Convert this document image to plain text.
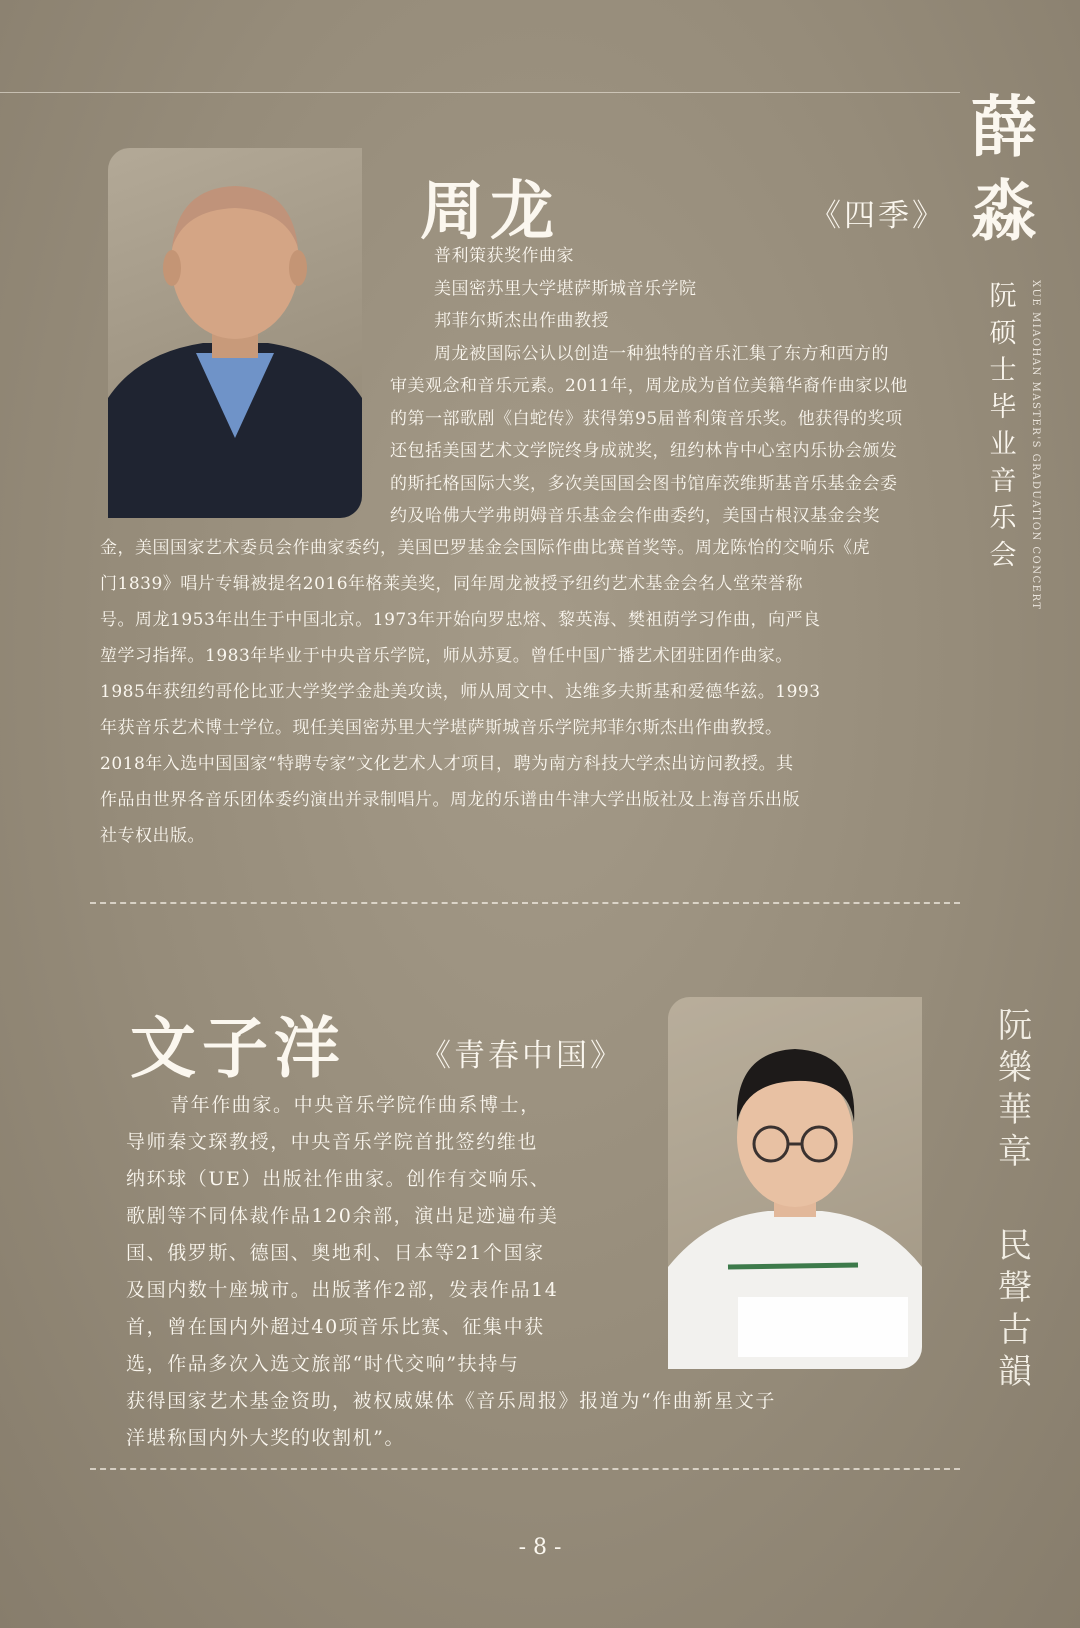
薛淼
阮硕士毕业音乐会	XUE MIAOHAN MASTER'S GRADUATION CONCERT
阮樂華章
民聲古韻
周龙	《四季》
普利策获奖作曲家
美国密苏里大学堪萨斯城音乐学院
邦菲尔斯杰出作曲教授
周龙被国际公认以创造一种独特的音乐汇集了东方和西方的
审美观念和音乐元素。2011年，周龙成为首位美籍华裔作曲家以他
的第一部歌剧《白蛇传》获得第95届普利策音乐奖。他获得的奖项
还包括美国艺术文学院终身成就奖，纽约林肯中心室内乐协会颁发
的斯托格国际大奖，多次美国国会图书馆库茨维斯基音乐基金会委
约及哈佛大学弗朗姆音乐基金会作曲委约，美国古根汉基金会奖
金，美国国家艺术委员会作曲家委约，美国巴罗基金会国际作曲比赛首奖等。周龙陈怡的交响乐《虎
门1839》唱片专辑被提名2016年格莱美奖，同年周龙被授予纽约艺术基金会名人堂荣誉称
号。周龙1953年出生于中国北京。1973年开始向罗忠熔、黎英海、樊祖荫学习作曲，向严良
堃学习指挥。1983年毕业于中央音乐学院，师从苏夏。曾任中国广播艺术团驻团作曲家。
1985年获纽约哥伦比亚大学奖学金赴美攻读，师从周文中、达维多夫斯基和爱德华兹。1993
年获音乐艺术博士学位。现任美国密苏里大学堪萨斯城音乐学院邦菲尔斯杰出作曲教授。
2018年入选中国国家“特聘专家”文化艺术人才项目，聘为南方科技大学杰出访问教授。其
作品由世界各音乐团体委约演出并录制唱片。周龙的乐谱由牛津大学出版社及上海音乐出版
社专权出版。
文子洋 《青春中国》
青年作曲家。中央音乐学院作曲系博士，
导师秦文琛教授，中央音乐学院首批签约维也
纳环球（UE）出版社作曲家。创作有交响乐、
歌剧等不同体裁作品120余部，演出足迹遍布美
国、俄罗斯、德国、奥地利、日本等21个国家
及国内数十座城市。出版著作2部，发表作品14
首，曾在国内外超过40项音乐比赛、征集中获
选，作品多次入选文旅部“时代交响”扶持与
获得国家艺术基金资助，被权威媒体《音乐周报》报道为“作曲新星文子
洋堪称国内外大奖的收割机”。
- 8 -
